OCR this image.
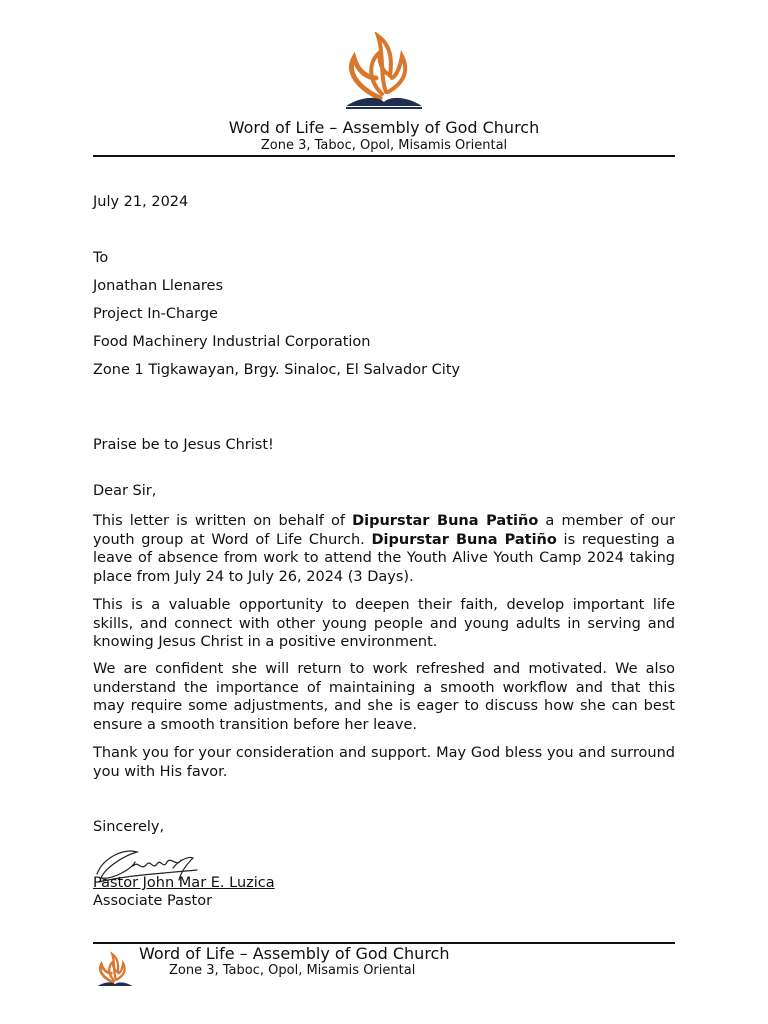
Word of Life – Assembly of God Church
Zone 3, Taboc, Opol, Misamis Oriental
July 21, 2024
To
Jonathan Llenares
Project In-Charge
Food Machinery Industrial Corporation
Zone 1 Tigkawayan, Brgy. Sinaloc, El Salvador City
Praise be to Jesus Christ!
Dear Sir,
This letter is written on behalf of Dipurstar Buna Patiño a member of our youth group at Word of Life Church. Dipurstar Buna Patiño is requesting a leave of absence from work to attend the Youth Alive Youth Camp 2024 taking place from July 24 to July 26, 2024 (3 Days).
This is a valuable opportunity to deepen their faith, develop important life skills, and connect with other young people and young adults in serving and knowing Jesus Christ in a positive environment.
We are confident she will return to work refreshed and motivated. We also understand the importance of maintaining a smooth workflow and that this may require some adjustments, and she is eager to discuss how she can best ensure a smooth transition before her leave.
Thank you for your consideration and support. May God bless you and surround you with His favor.
Sincerely,
Pastor John Mar E. Luzica
Associate Pastor
Word of Life – Assembly of God Church
Zone 3, Taboc, Opol, Misamis Oriental
